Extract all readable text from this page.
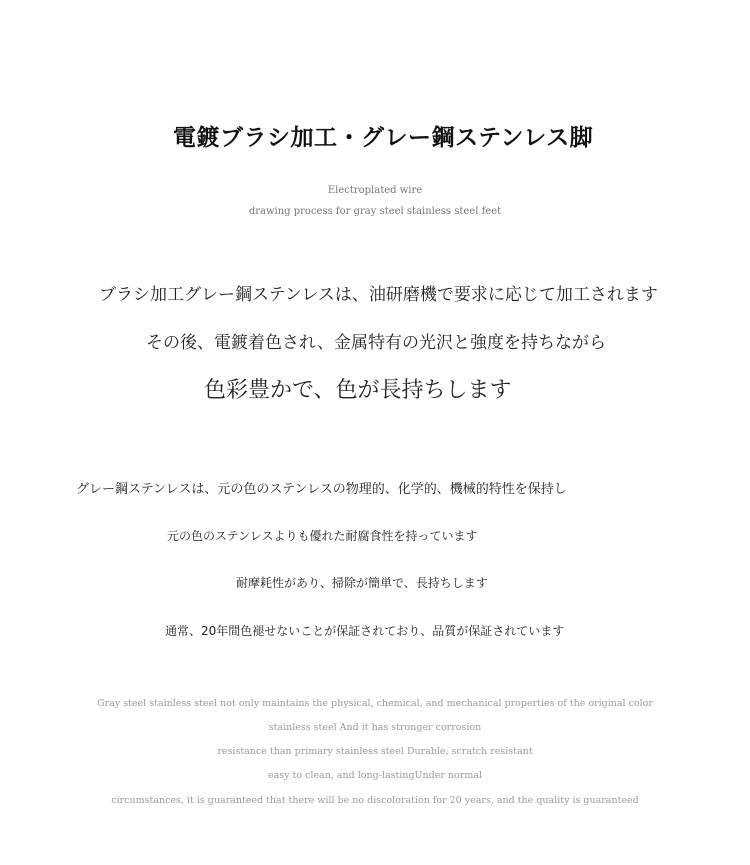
電鍍ブラシ加工・グレー鋼ステンレス脚
Electroplated wire
drawing process for gray steel stainless steel feet
ブラシ加工グレー鋼ステンレスは、油研磨機で要求に応じて加工されます
その後、電鍍着色され、金属特有の光沢と強度を持ちながら
色彩豊かで、色が長持ちします
グレー鋼ステンレスは、元の色のステンレスの物理的、化学的、機械的特性を保持し
元の色のステンレスよりも優れた耐腐食性を持っています
耐摩耗性があり、掃除が簡単で、長持ちします
通常、20年間色褪せないことが保証されており、品質が保証されています
Gray steel stainless steel not only maintains the physical, chemical, and mechanical properties of the original color
stainless steel And it has stronger corrosion
resistance than primary stainless steel Durable, scratch resistant
easy to clean, and long-lastingUnder normal
circumstances, it is guaranteed that there will be no discoloration for 20 years, and the quality is guaranteed
